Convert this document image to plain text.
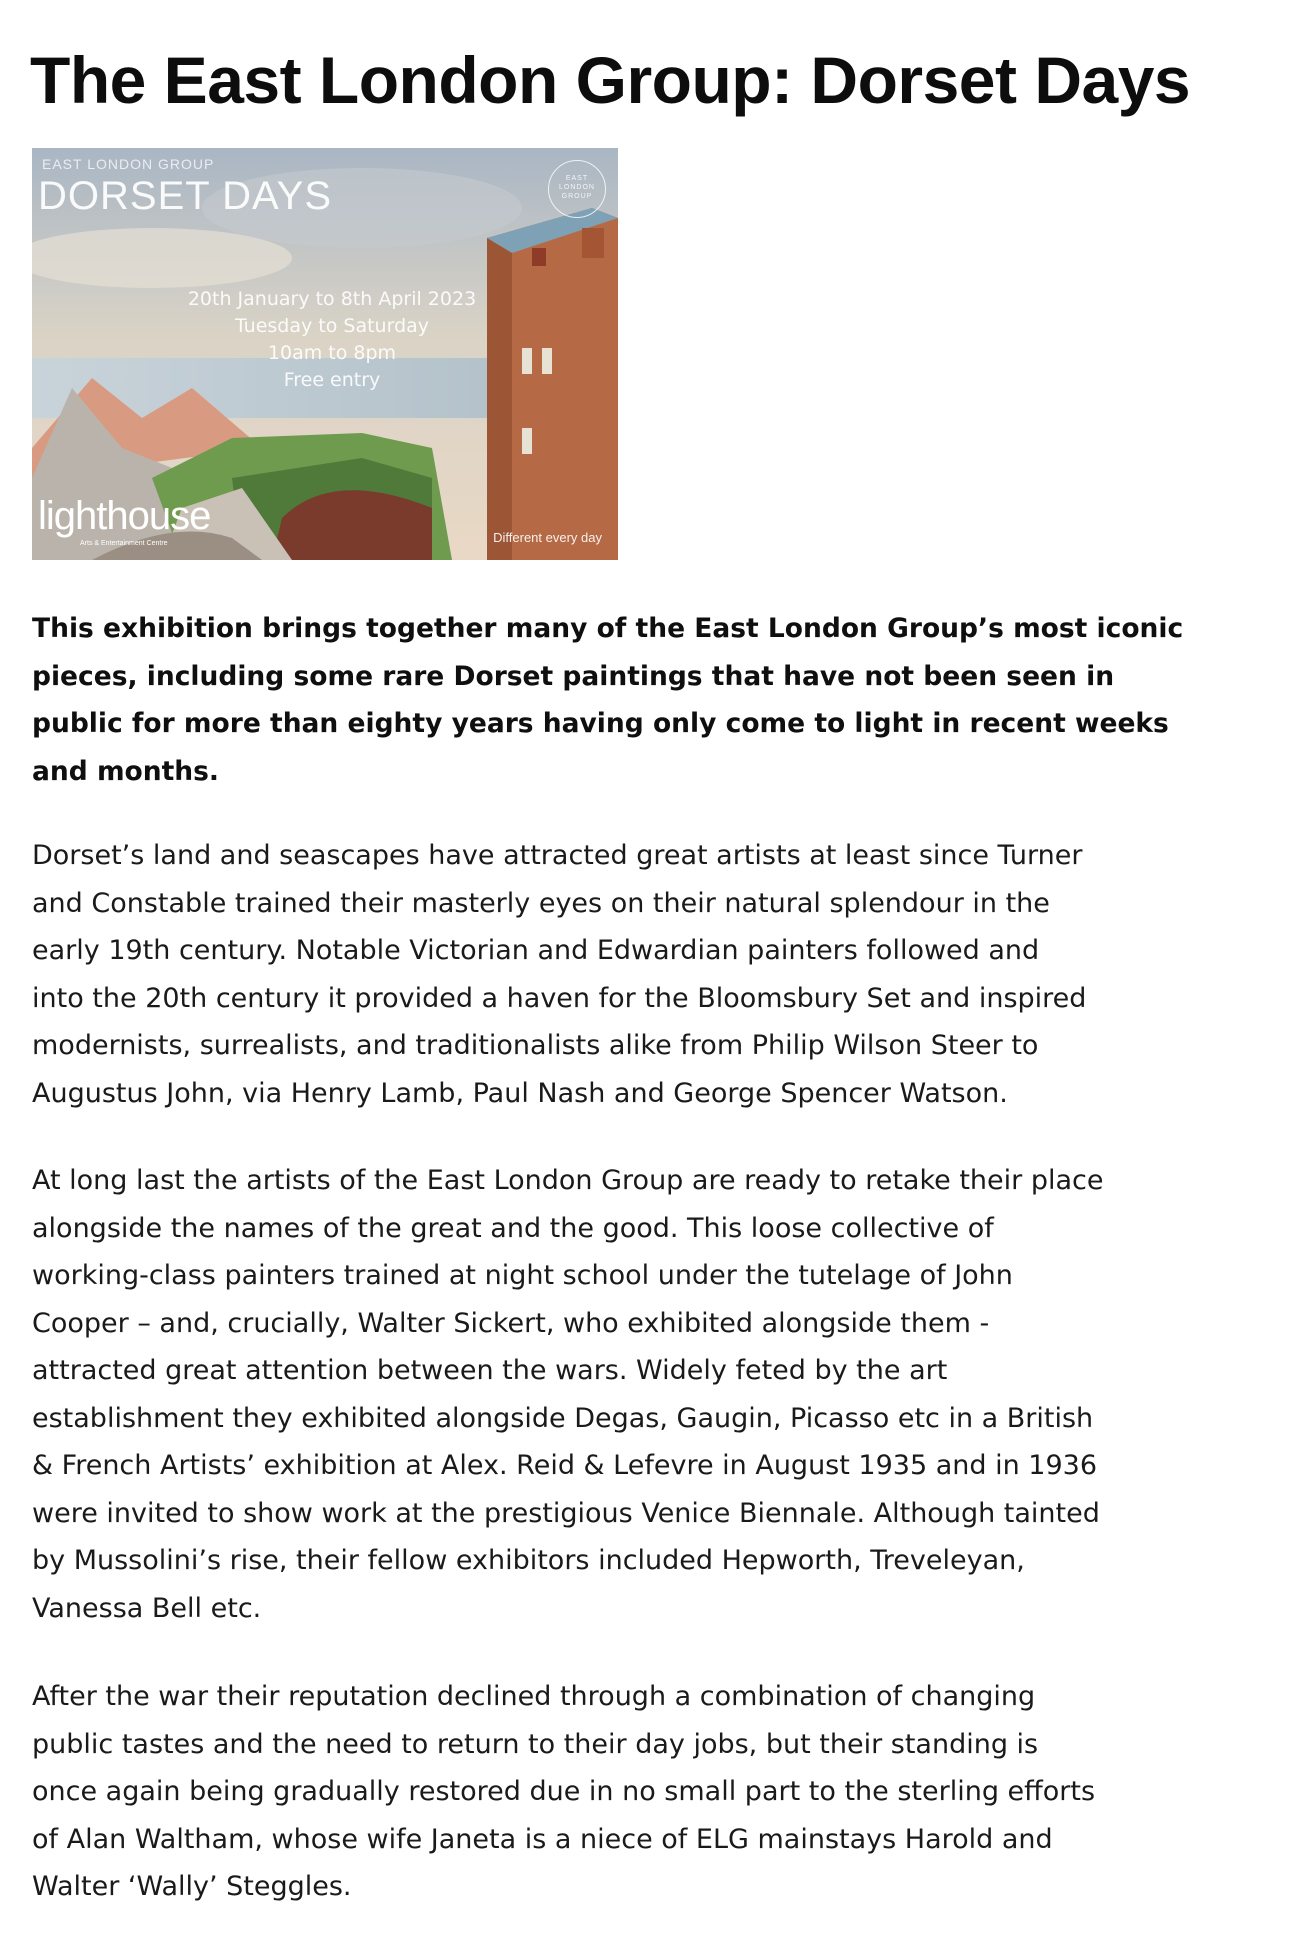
The East London Group: Dorset Days
EAST LONDON GROUP
DORSET DAYS	EAST LONDON GROUP
20th January to 8th April 2023
Tuesday to Saturday
10am to 8pm
Free entry
lighthouse
Arts & Entertainment Centre	Different every day
This exhibition brings together many of the East London Group’s most iconic
pieces, including some rare Dorset paintings that have not been seen in
public for more than eighty years having only come to light in recent weeks
and months.
Dorset’s land and seascapes have attracted great artists at least since Turner
and Constable trained their masterly eyes on their natural splendour in the
early 19th century. Notable Victorian and Edwardian painters followed and
into the 20th century it provided a haven for the Bloomsbury Set and inspired
modernists, surrealists, and traditionalists alike from Philip Wilson Steer to
Augustus John, via Henry Lamb, Paul Nash and George Spencer Watson.
At long last the artists of the East London Group are ready to retake their place
alongside the names of the great and the good. This loose collective of
working-class painters trained at night school under the tutelage of John
Cooper – and, crucially, Walter Sickert, who exhibited alongside them -
attracted great attention between the wars. Widely feted by the art
establishment they exhibited alongside Degas, Gaugin, Picasso etc in a British
& French Artists’ exhibition at Alex. Reid & Lefevre in August 1935 and in 1936
were invited to show work at the prestigious Venice Biennale. Although tainted
by Mussolini’s rise, their fellow exhibitors included Hepworth, Treveleyan,
Vanessa Bell etc.
After the war their reputation declined through a combination of changing
public tastes and the need to return to their day jobs, but their standing is
once again being gradually restored due in no small part to the sterling efforts
of Alan Waltham, whose wife Janeta is a niece of ELG mainstays Harold and
Walter ‘Wally’ Steggles.
